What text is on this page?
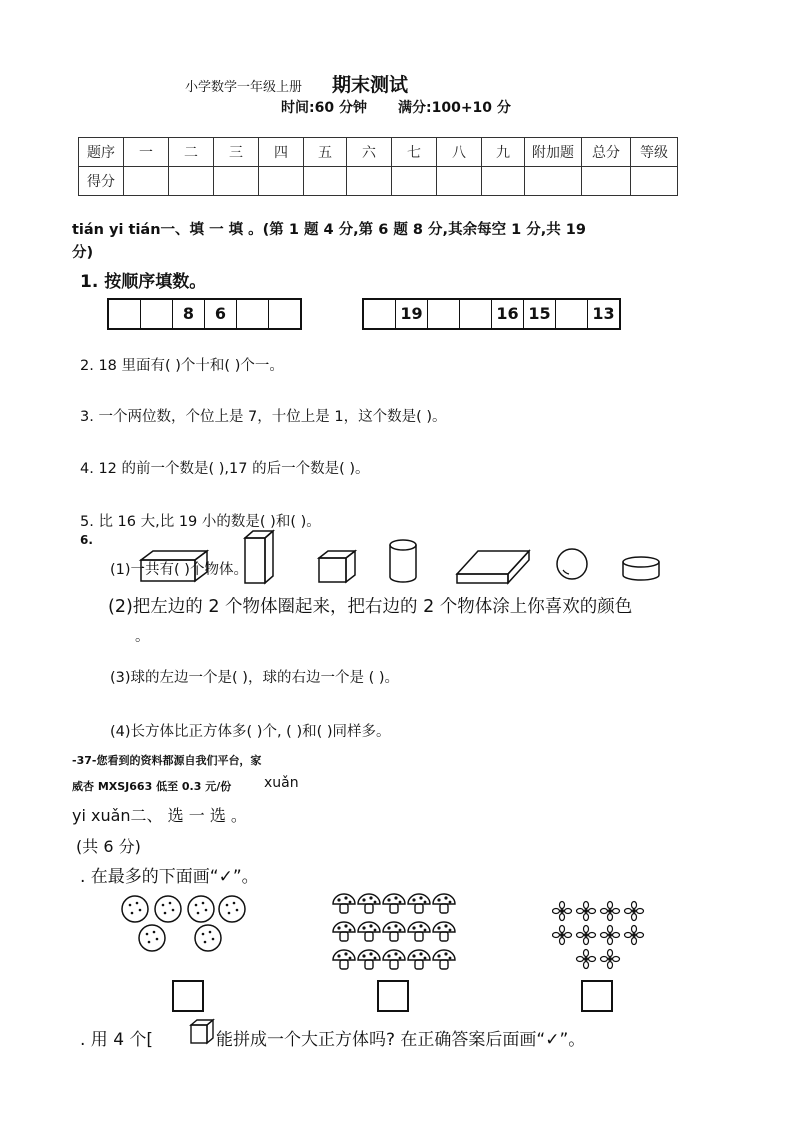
小学数学一年级上册 期末测试
时间:60 分钟 满分:100+10 分
题序	一	二	三	四	五	六	七	八	九	附加题	总分	等级
得分												
tián yi tián一、填 一 填 。(第 1 题 4 分,第 6 题 8 分,其余每空 1 分,共 19
分)
1. 按顺序填数。
8	6	19	16 15	13
2. 18 里面有( )个十和( )个一。
3. 一个两位数，个位上是 7，十位上是 1，这个数是( )。
4. 12 的前一个数是( ),17 的后一个数是( )。
5. 比 16 大,比 19 小的数是( )和( )。
6.
(1)一共有( )个物体。
(2)把左边的 2 个物体圈起来，把右边的 2 个物体涂上你喜欢的颜色
。
(3)球的左边一个是( )，球的右边一个是 ( )。
(4)长方体比正方体多( )个, ( )和( )同样多。
-37-您看到的资料都源自我们平台，家
威杏 MXSJ663 低至 0.3 元/份 xuǎn
yi xuǎn二、 选 一 选 。
(共 6 分)
. 在最多的下面画“✓”。
. 用 4 个[	能拼成一个大正方体吗? 在正确答案后面画“✓”。
